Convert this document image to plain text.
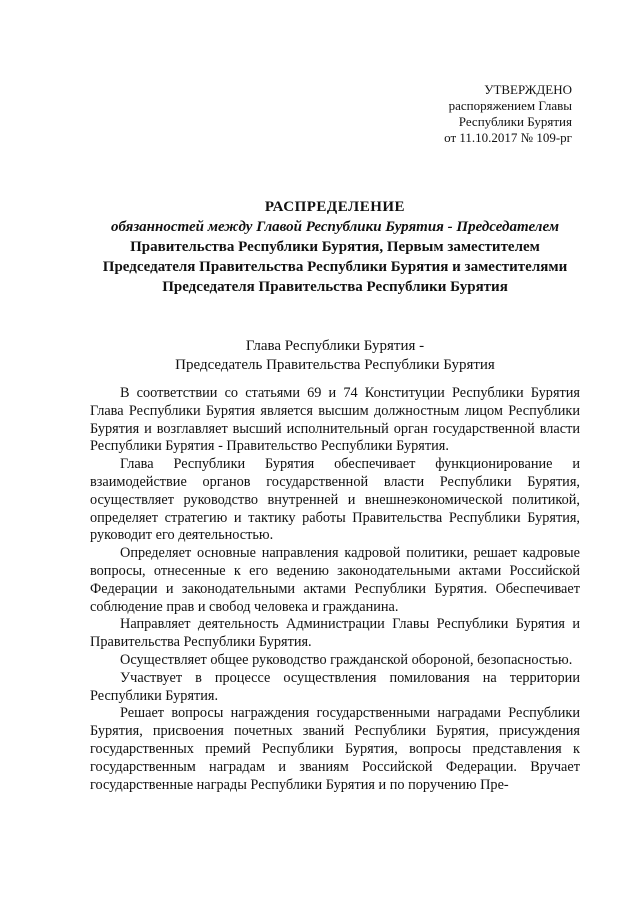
УТВЕРЖДЕНО
распоряжением Главы
Республики Бурятия
от 11.10.2017 № 109-рг
РАСПРЕДЕЛЕНИЕ
обязанностей между Главой Республики Бурятия - Председателем
Правительства Республики Бурятия, Первым заместителем
Председателя Правительства Республики Бурятия и заместителями
Председателя Правительства Республики Бурятия
Глава Республики Бурятия -
Председатель Правительства Республики Бурятия

В соответствии со статьями 69 и 74 Конституции Республики Бурятия Глава Республики Бурятия является высшим должностным лицом Республики Бурятия и возглавляет высший исполнительный орган государственной власти Республики Бурятия - Правительство Республики Бурятия.

Глава Республики Бурятия обеспечивает функционирование и взаимодействие органов государственной власти Республики Бурятия, осуществляет руководство внутренней и внешнеэкономической политикой, определяет стратегию и тактику работы Правительства Республики Бурятия, руководит его деятельностью.

Определяет основные направления кадровой политики, решает кадровые вопросы, отнесенные к его ведению законодательными актами Российской Федерации и законодательными актами Республики Бурятия. Обеспечивает соблюдение прав и свобод человека и гражданина.

Направляет деятельность Администрации Главы Республики Бурятия и Правительства Республики Бурятия.

Осуществляет общее руководство гражданской обороной, безопасностью.

Участвует в процессе осуществления помилования на территории Республики Бурятия.

Решает вопросы награждения государственными наградами Республики Бурятия, присвоения почетных званий Республики Бурятия, присуждения государственных премий Республики Бурятия, вопросы представления к государственным наградам и званиям Российской Федерации. Вручает государственные награды Республики Бурятия и по поручению Пре-
